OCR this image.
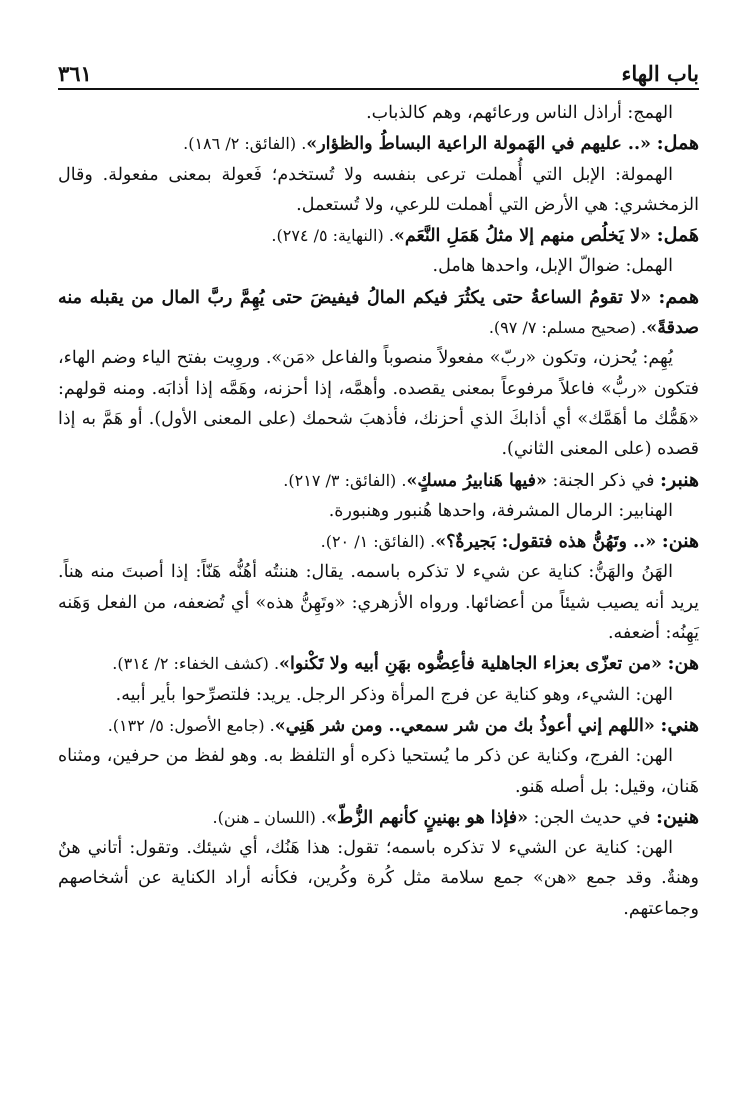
باب الهاء
٣٦١

الهمج: أراذل الناس ورعائهم، وهم كالذباب.

همل: «.. عليهم في الهَمولة الراعية البساطُ والظؤار». (الفائق: ٢/ ١٨٦).

الهمولة: الإبل التي أُهملت ترعى بنفسه ولا تُستخدم؛ فَعولة بمعنى مفعولة. وقال الزمخشري: هي الأرض التي أهملت للرعي، ولا تُستعمل.

هَمل: «لا يَخلُص منهم إلا مثلُ هَمَلِ النَّعَم». (النهاية: ٥/ ٢٧٤).

الهمل: ضوالّ الإبل، واحدها هامل.

همم: «لا تقومُ الساعةُ حتى يكثُرَ فيكم المالُ فيفيضَ حتى يُهِمَّ ربَّ المال من يقبله منه صدقةً». (صحيح مسلم: ٧/ ٩٧).

يُهِم: يُحزن، وتكون «ربّ» مفعولاً منصوباً والفاعل «مَن». وروِيت بفتح الياء وضم الهاء، فتكون «ربُّ» فاعلاً مرفوعاً بمعنى يقصده. وأهمَّه، إذا أحزنه، وهَمَّه إذا أذابَه. ومنه قولهم: «هَمُّك ما أهَمَّك» أي أذابكَ الذي أحزنك، فأذهبَ شحمك (على المعنى الأول). أو هَمَّ به إذا قصده (على المعنى الثاني).

هنبر: في ذكر الجنة: «فيها هَنابيرُ مسكٍ». (الفائق: ٣/ ٢١٧).

الهنابير: الرمال المشرفة، واحدها هُنبور وهنبورة.

هنن: «.. وتَهُنُّ هذه فتقول: بَجيرةٌ؟». (الفائق: ١/ ٢٠).

الهَنُ والهَنُّ: كناية عن شيء لا تذكره باسمه. يقال: هننتُه أهُنُّه هَنّاً: إذا أصبتَ منه هناً. يريد أنه يصيب شيئاً من أعضائها. ورواه الأزهري: «وتَهِنُّ هذه» أي تُضعفه، من الفعل وَهَنه يَهِنُه: أضعفه.

هن: «من تعزّى بعزاء الجاهلية فأعِضُّوه بهَنِ أبيه ولا تَكْنوا». (كشف الخفاء: ٢/ ٣١٤).

الهن: الشيء، وهو كناية عن فرج المرأة وذكر الرجل. يريد: فلتصرِّحوا بأير أبيه.

هني: «اللهم إني أعوذُ بك من شر سمعي.. ومن شر هَنِي». (جامع الأصول: ٥/ ١٣٢).

الهن: الفرج، وكناية عن ذكر ما يُستحيا ذكره أو التلفظ به. وهو لفظ من حرفين، ومثناه هَنان، وقيل: بل أصله هَنو.

هنين: في حديث الجن: «فإذا هو بهنينٍ كأنهم الزُّطّ». (اللسان ـ هنن).

الهن: كناية عن الشيء لا تذكره باسمه؛ تقول: هذا هَنُك، أي شيئك. وتقول: أتاني هنٌ وهنةٌ. وقد جمع «هن» جمع سلامة مثل كُرة وكُرين، فكأنه أراد الكناية عن أشخاصهم وجماعتهم.
